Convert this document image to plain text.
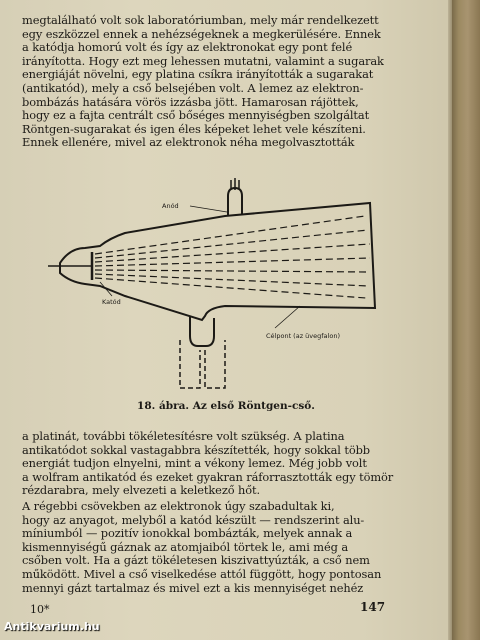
megtalálható volt sok laboratóriumban, mely már rendelkezett
egy eszközzel ennek a nehézségeknek a megkerülésére. Ennek
a katódja homorú volt és így az elektronokat egy pont felé
irányította. Hogy ezt meg lehessen mutatni, valamint a sugarak
energiáját növelni, egy platina csíkra irányították a sugarakat
(antikatód), mely a cső belsejében volt. A lemez az elektron-
bombázás hatására vörös izzásba jött. Hamarosan rájöttek,
hogy ez a fajta centrált cső bőséges mennyiségben szolgáltat
Röntgen-sugarakat és igen éles képeket lehet vele készíteni.
Ennek ellenére, mivel az elektronok néha megolvasztották

Anód
Katód
Célpont (az üvegfalon)
18. ábra. Az első Röntgen-cső.

a platinát, további tökéletesítésre volt szükség. A platina
antikatódot sokkal vastagabbra készítették, hogy sokkal több
energiát tudjon elnyelni, mint a vékony lemez. Még jobb volt
a wolfram antikatód és ezeket gyakran ráforrasztották egy tömör
rézdarabra, mely elvezeti a keletkező hőt.

A régebbi csövekben az elektronok úgy szabadultak ki,
hogy az anyagot, melyből a katód készült — rendszerint alu-
míniumból — pozitív ionokkal bombázták, melyek annak a
kismennyiségű gáznak az atomjaiból törtek le, ami még a
csőben volt. Ha a gázt tökéletesen kiszivattyúzták, a cső nem
működött. Mivel a cső viselkedése attól függött, hogy pontosan
mennyi gázt tartalmaz és mivel ezt a kis mennyiséget nehéz

10*	147
Antikvarium.hu
